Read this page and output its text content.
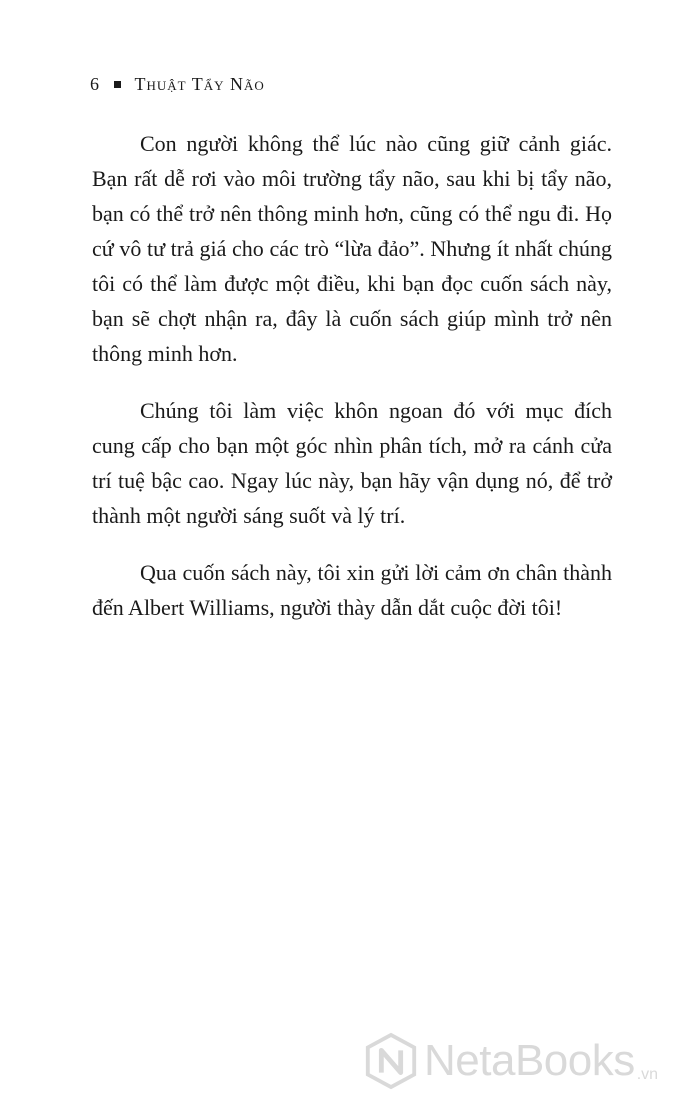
6 Thuật Tẩy Não

Con người không thể lúc nào cũng giữ cảnh giác. Bạn rất dễ rơi vào môi trường tẩy não, sau khi bị tẩy não, bạn có thể trở nên thông minh hơn, cũng có thể ngu đi. Họ cứ vô tư trả giá cho các trò “lừa đảo”. Nhưng ít nhất chúng tôi có thể làm được một điều, khi bạn đọc cuốn sách này, bạn sẽ chợt nhận ra, đây là cuốn sách giúp mình trở nên thông minh hơn.

Chúng tôi làm việc khôn ngoan đó với mục đích cung cấp cho bạn một góc nhìn phân tích, mở ra cánh cửa trí tuệ bậc cao. Ngay lúc này, bạn hãy vận dụng nó, để trở thành một người sáng suốt và lý trí.

Qua cuốn sách này, tôi xin gửi lời cảm ơn chân thành đến Albert Williams, người thày dẫn dắt cuộc đời tôi!

NetaBooks .vn
